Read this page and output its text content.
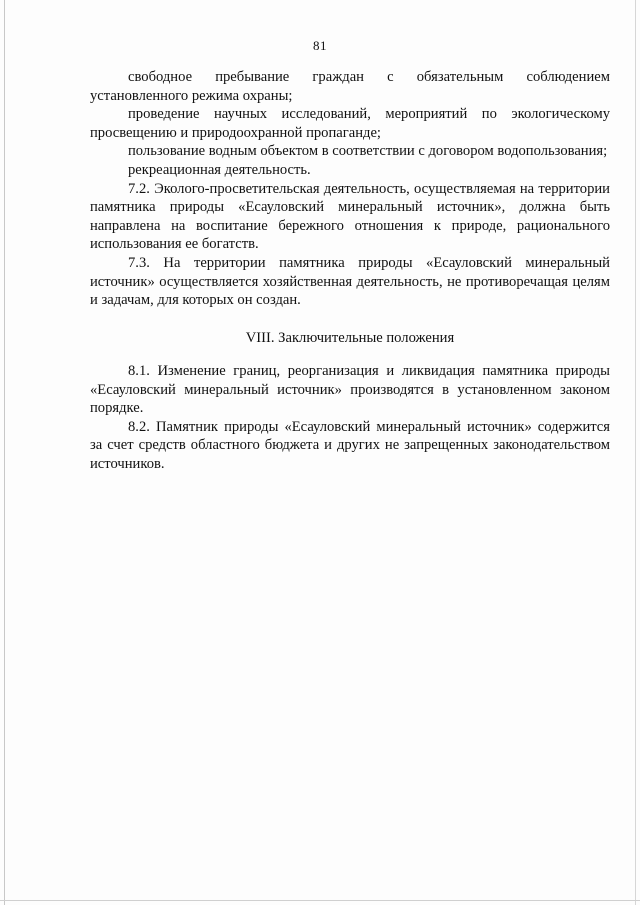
81

свободное пребывание граждан с обязательным соблюдением установленного режима охраны;

проведение научных исследований, мероприятий по экологическому просвещению и природоохранной пропаганде;

пользование водным объектом в соответствии с договором водопользования;

рекреационная деятельность.

7.2. Эколого-просветительская деятельность, осуществляемая на территории памятника природы «Есауловский минеральный источник», должна быть направлена на воспитание бережного отношения к природе, рационального использования ее богатств.

7.3. На территории памятника природы «Есауловский минеральный источник» осуществляется хозяйственная деятельность, не противоречащая целям и задачам, для которых он создан.

VIII. Заключительные положения

8.1. Изменение границ, реорганизация и ликвидация памятника природы «Есауловский минеральный источник» производятся в установленном законом порядке.

8.2. Памятник природы «Есауловский минеральный источник» содержится за счет средств областного бюджета и других не запрещенных законодательством источников.
